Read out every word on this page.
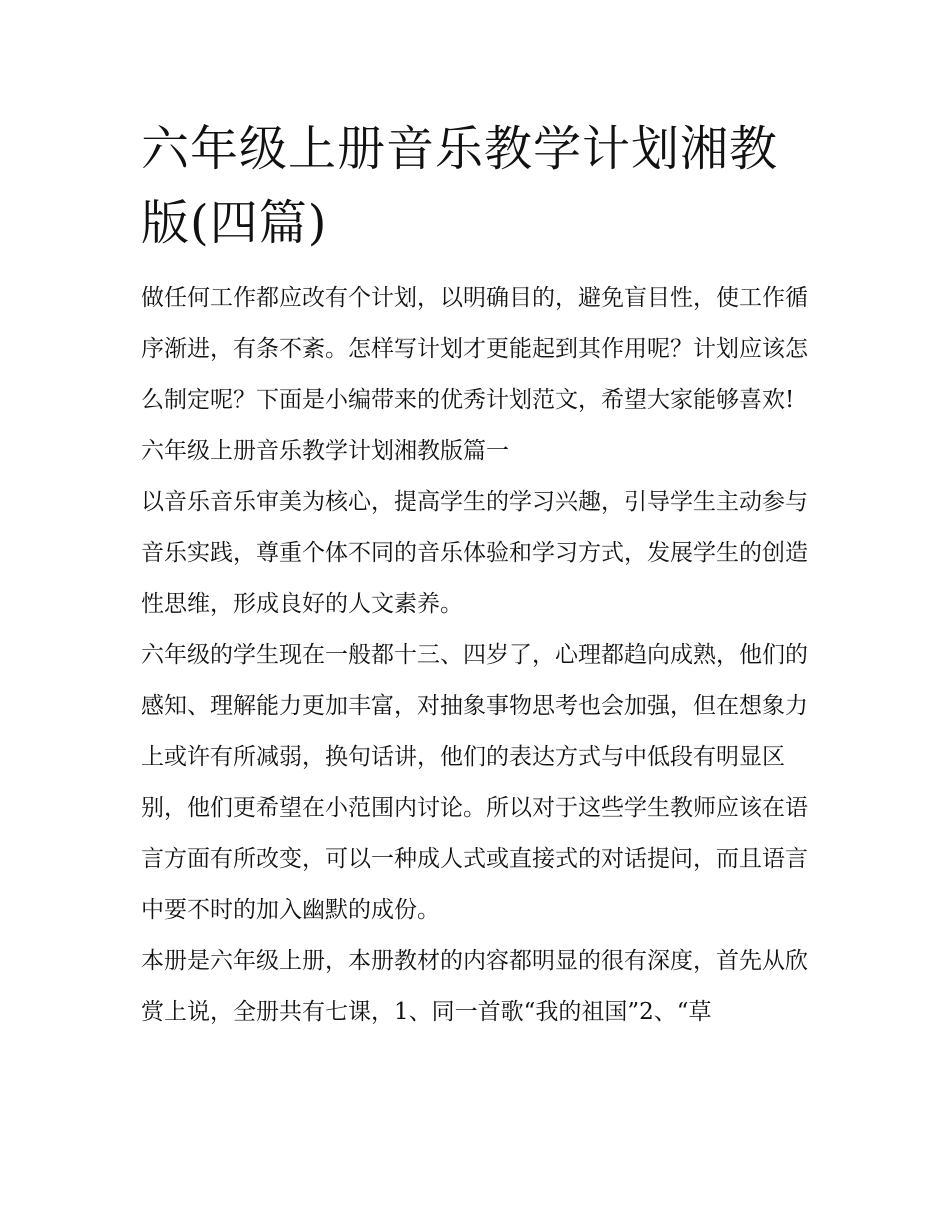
六年级上册音乐教学计划湘教版(四篇)

做任何工作都应改有个计划，以明确目的，避免盲目性，使工作循序渐进，有条不紊。怎样写计划才更能起到其作用呢？计划应该怎么制定呢？下面是小编带来的优秀计划范文，希望大家能够喜欢!

六年级上册音乐教学计划湘教版篇一

以音乐音乐审美为核心，提高学生的学习兴趣，引导学生主动参与音乐实践，尊重个体不同的音乐体验和学习方式，发展学生的创造性思维，形成良好的人文素养。

六年级的学生现在一般都十三、四岁了，心理都趋向成熟，他们的感知、理解能力更加丰富，对抽象事物思考也会加强，但在想象力上或许有所减弱，换句话讲，他们的表达方式与中低段有明显区别，他们更希望在小范围内讨论。所以对于这些学生教师应该在语言方面有所改变，可以一种成人式或直接式的对话提问，而且语言中要不时的加入幽默的成份。

本册是六年级上册，本册教材的内容都明显的很有深度，首先从欣赏上说，全册共有七课，1、同一首歌“我的祖国”2、“草
